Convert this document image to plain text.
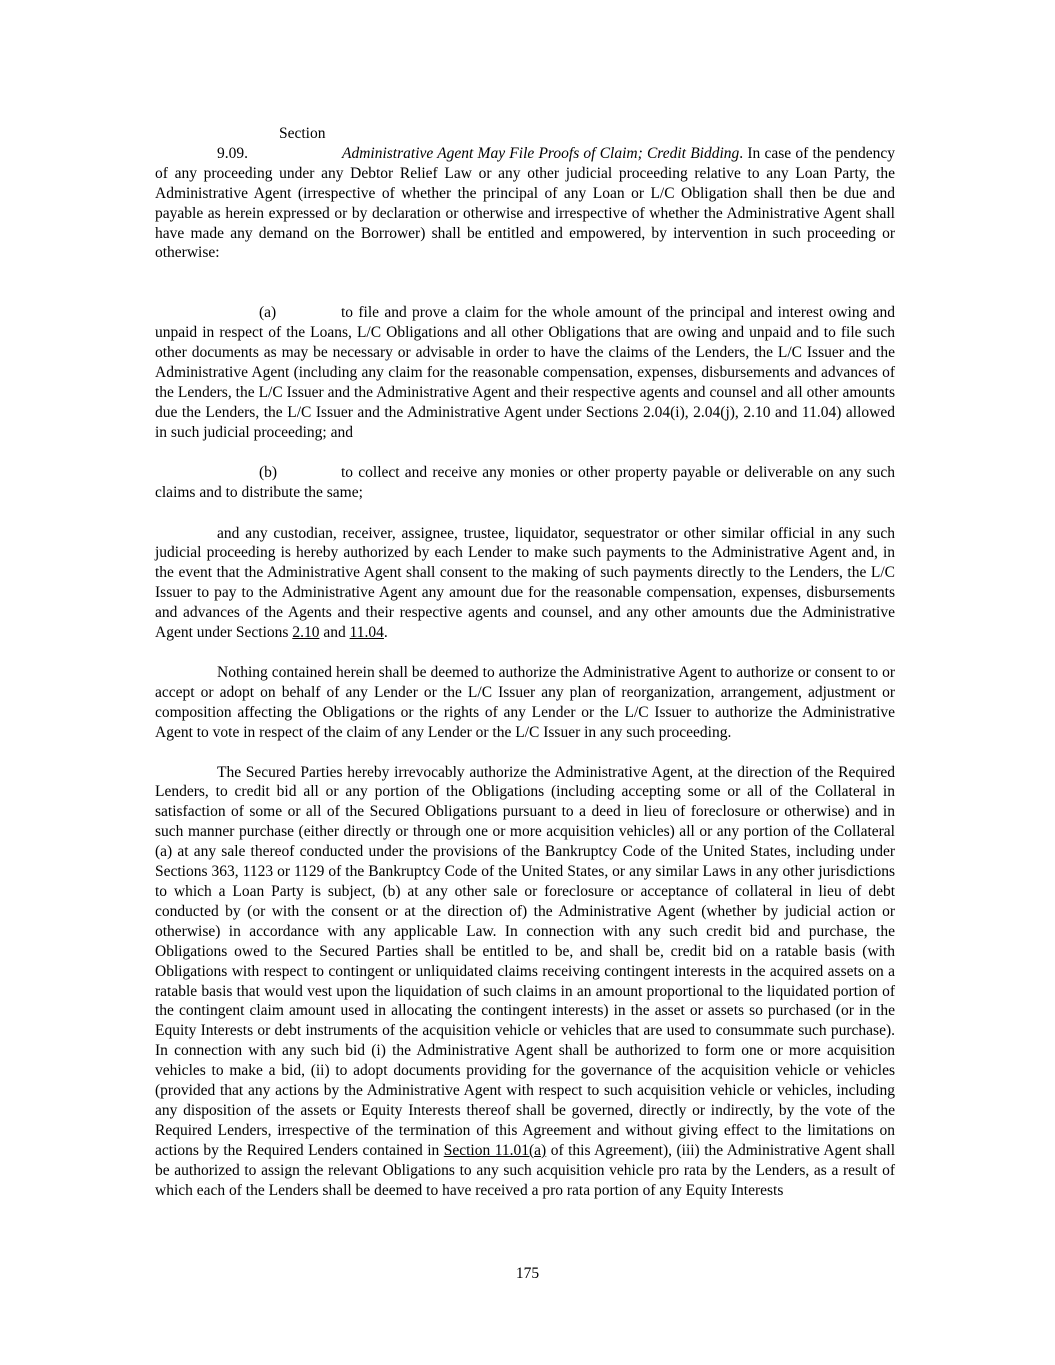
Section 9.09.	Administrative Agent May File Proofs of Claim; Credit Bidding. In case of the pendency of any proceeding under any Debtor Relief Law or any other judicial proceeding relative to any Loan Party, the Administrative Agent (irrespective of whether the principal of any Loan or L/C Obligation shall then be due and payable as herein expressed or by declaration or otherwise and irrespective of whether the Administrative Agent shall have made any demand on the Borrower) shall be entitled and empowered, by intervention in such proceeding or otherwise:

(a)	to file and prove a claim for the whole amount of the principal and interest owing and unpaid in respect of the Loans, L/C Obligations and all other Obligations that are owing and unpaid and to file such other documents as may be necessary or advisable in order to have the claims of the Lenders, the L/C Issuer and the Administrative Agent (including any claim for the reasonable compensation, expenses, disbursements and advances of the Lenders, the L/C Issuer and the Administrative Agent and their respective agents and counsel and all other amounts due the Lenders, the L/C Issuer and the Administrative Agent under Sections 2.04(i), 2.04(j), 2.10 and 11.04) allowed in such judicial proceeding; and

(b)	to collect and receive any monies or other property payable or deliverable on any such claims and to distribute the same;

and any custodian, receiver, assignee, trustee, liquidator, sequestrator or other similar official in any such judicial proceeding is hereby authorized by each Lender to make such payments to the Administrative Agent and, in the event that the Administrative Agent shall consent to the making of such payments directly to the Lenders, the L/C Issuer to pay to the Administrative Agent any amount due for the reasonable compensation, expenses, disbursements and advances of the Agents and their respective agents and counsel, and any other amounts due the Administrative Agent under Sections 2.10 and 11.04.

Nothing contained herein shall be deemed to authorize the Administrative Agent to authorize or consent to or accept or adopt on behalf of any Lender or the L/C Issuer any plan of reorganization, arrangement, adjustment or composition affecting the Obligations or the rights of any Lender or the L/C Issuer to authorize the Administrative Agent to vote in respect of the claim of any Lender or the L/C Issuer in any such proceeding.

The Secured Parties hereby irrevocably authorize the Administrative Agent, at the direction of the Required Lenders, to credit bid all or any portion of the Obligations (including accepting some or all of the Collateral in satisfaction of some or all of the Secured Obligations pursuant to a deed in lieu of foreclosure or otherwise) and in such manner purchase (either directly or through one or more acquisition vehicles) all or any portion of the Collateral (a) at any sale thereof conducted under the provisions of the Bankruptcy Code of the United States, including under Sections 363, 1123 or 1129 of the Bankruptcy Code of the United States, or any similar Laws in any other jurisdictions to which a Loan Party is subject, (b) at any other sale or foreclosure or acceptance of collateral in lieu of debt conducted by (or with the consent or at the direction of) the Administrative Agent (whether by judicial action or otherwise) in accordance with any applicable Law. In connection with any such credit bid and purchase, the Obligations owed to the Secured Parties shall be entitled to be, and shall be, credit bid on a ratable basis (with Obligations with respect to contingent or unliquidated claims receiving contingent interests in the acquired assets on a ratable basis that would vest upon the liquidation of such claims in an amount proportional to the liquidated portion of the contingent claim amount used in allocating the contingent interests) in the asset or assets so purchased (or in the Equity Interests or debt instruments of the acquisition vehicle or vehicles that are used to consummate such purchase). In connection with any such bid (i) the Administrative Agent shall be authorized to form one or more acquisition vehicles to make a bid, (ii) to adopt documents providing for the governance of the acquisition vehicle or vehicles (provided that any actions by the Administrative Agent with respect to such acquisition vehicle or vehicles, including any disposition of the assets or Equity Interests thereof shall be governed, directly or indirectly, by the vote of the Required Lenders, irrespective of the termination of this Agreement and without giving effect to the limitations on actions by the Required Lenders contained in Section 11.01(a) of this Agreement), (iii) the Administrative Agent shall be authorized to assign the relevant Obligations to any such acquisition vehicle pro rata by the Lenders, as a result of which each of the Lenders shall be deemed to have received a pro rata portion of any Equity Interests

175
